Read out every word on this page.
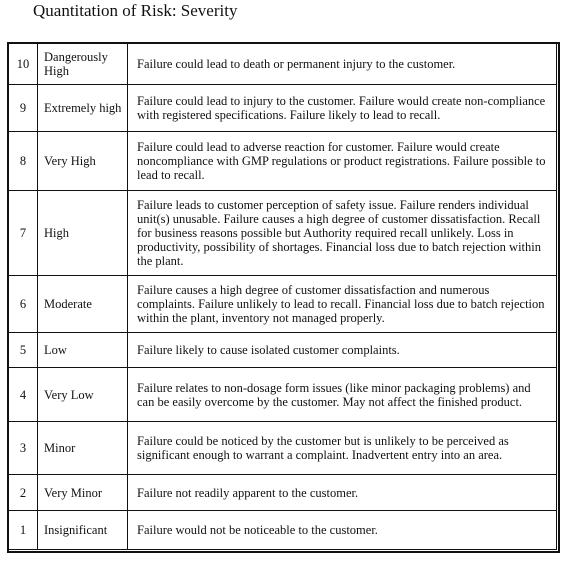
Quantitation of Risk: Severity
10	Dangerously High	Failure could lead to death or permanent injury to the customer.
9	Extremely high	Failure could lead to injury to the customer. Failure would create non-compliance with registered specifications. Failure likely to lead to recall.
8	Very High	Failure could lead to adverse reaction for customer. Failure would create noncompliance with GMP regulations or product registrations. Failure possible to lead to recall.
7	High	Failure leads to customer perception of safety issue. Failure renders individual unit(s) unusable. Failure causes a high degree of customer dissatisfaction. Recall for business reasons possible but Authority required recall unlikely. Loss in productivity, possibility of shortages. Financial loss due to batch rejection within the plant.
6	Moderate	Failure causes a high degree of customer dissatisfaction and numerous complaints. Failure unlikely to lead to recall. Financial loss due to batch rejection within the plant, inventory not managed properly.
5	Low	Failure likely to cause isolated customer complaints.
4	Very Low	Failure relates to non-dosage form issues (like minor packaging problems) and can be easily overcome by the customer. May not affect the finished product.
3	Minor	Failure could be noticed by the customer but is unlikely to be perceived as significant enough to warrant a complaint. Inadvertent entry into an area.
2	Very Minor	Failure not readily apparent to the customer.
1	Insignificant	Failure would not be noticeable to the customer.
